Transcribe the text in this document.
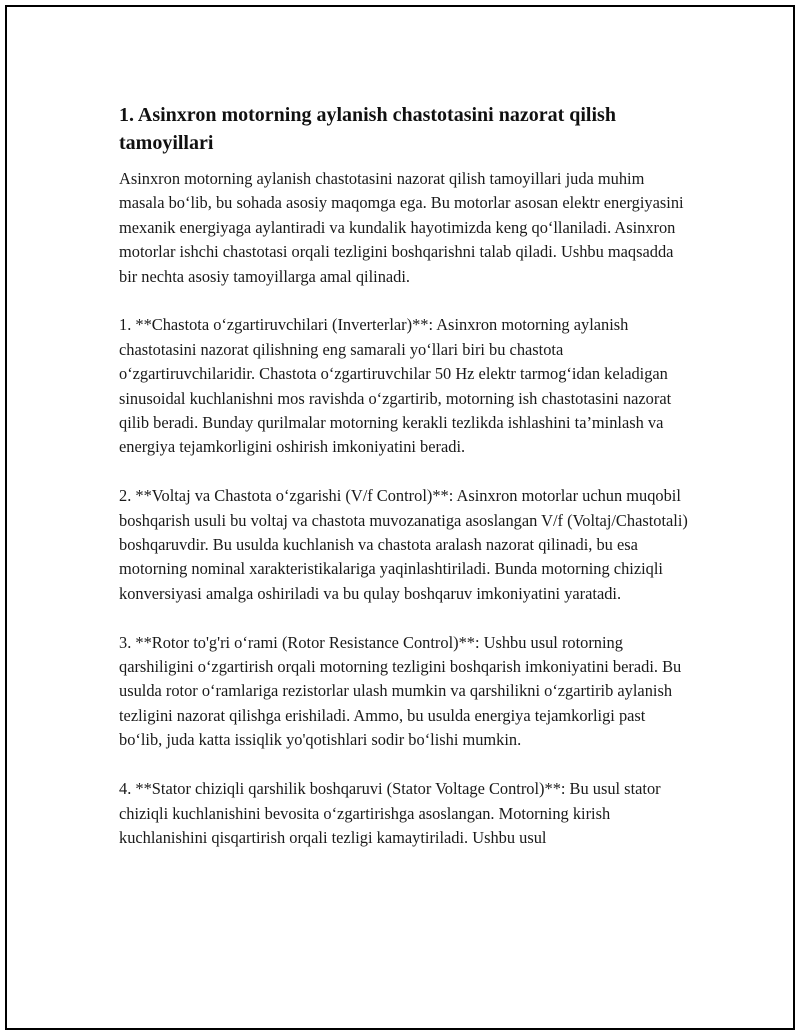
1. Asinxron motorning aylanish chastotasini nazorat qilish tamoyillari

Asinxron motorning aylanish chastotasini nazorat qilish tamoyillari juda muhim masala bo‘lib, bu sohada asosiy maqomga ega. Bu motorlar asosan elektr energiyasini mexanik energiyaga aylantiradi va kundalik hayotimizda keng qo‘llaniladi. Asinxron motorlar ishchi chastotasi orqali tezligini boshqarishni talab qiladi. Ushbu maqsadda bir nechta asosiy tamoyillarga amal qilinadi.

1. **Chastota o‘zgartiruvchilari (Inverterlar)**: Asinxron motorning aylanish chastotasini nazorat qilishning eng samarali yo‘llari biri bu chastota o‘zgartiruvchilaridir. Chastota o‘zgartiruvchilar 50 Hz elektr tarmog‘idan keladigan sinusoidal kuchlanishni mos ravishda o‘zgartirib, motorning ish chastotasini nazorat qilib beradi. Bunday qurilmalar motorning kerakli tezlikda ishlashini ta’minlash va energiya tejamkorligini oshirish imkoniyatini beradi.

2. **Voltaj va Chastota o‘zgarishi (V/f Control)**: Asinxron motorlar uchun muqobil boshqarish usuli bu voltaj va chastota muvozanatiga asoslangan V/f (Voltaj/Chastotali) boshqaruvdir. Bu usulda kuchlanish va chastota aralash nazorat qilinadi, bu esa motorning nominal xarakteristikalariga yaqinlashtiriladi. Bunda motorning chiziqli konversiyasi amalga oshiriladi va bu qulay boshqaruv imkoniyatini yaratadi.

3. **Rotor to'g'ri o‘rami (Rotor Resistance Control)**: Ushbu usul rotorning qarshiligini o‘zgartirish orqali motorning tezligini boshqarish imkoniyatini beradi. Bu usulda rotor o‘ramlariga rezistorlar ulash mumkin va qarshilikni o‘zgartirib aylanish tezligini nazorat qilishga erishiladi. Ammo, bu usulda energiya tejamkorligi past bo‘lib, juda katta issiqlik yo'qotishlari sodir bo‘lishi mumkin.

4. **Stator chiziqli qarshilik boshqaruvi (Stator Voltage Control)**: Bu usul stator chiziqli kuchlanishini bevosita o‘zgartirishga asoslangan. Motorning kirish kuchlanishini qisqartirish orqali tezligi kamaytiriladi. Ushbu usul
